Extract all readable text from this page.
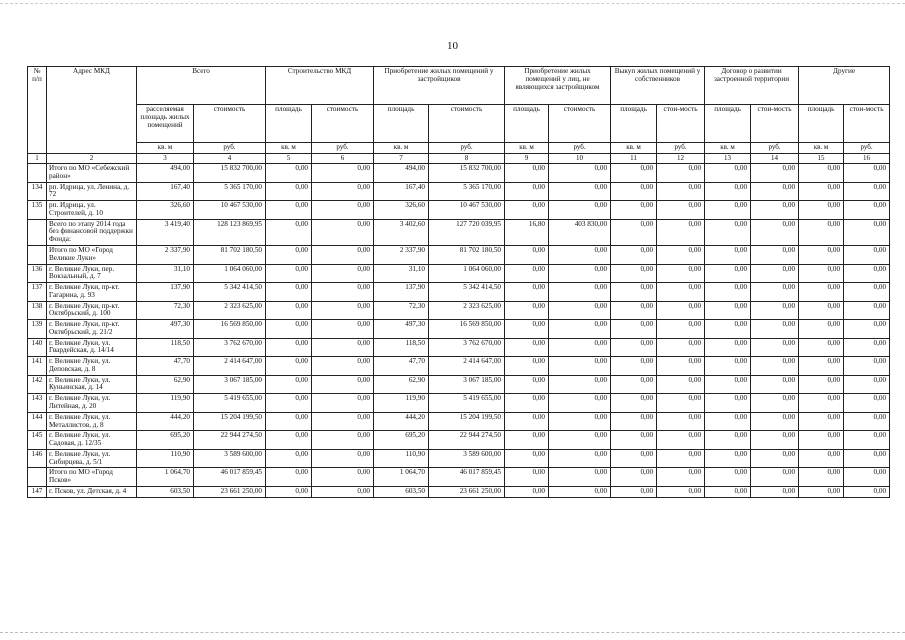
10
№ п/п	Адрес МКД	Всего		Строительство МКД		Приобретение жилых помещений у застройщиков		Приобретение жилых помещений у лиц, не являющихся застройщиком		Выкуп жилых помещений у собственников		Договор о развитии застроенной территории		Другие	
		расселяемая площадь жилых помещений	стоимость	площадь	стоимость	площадь	стоимость	площадь	стоимость	площадь	стои-мость	площадь	стои-мость	площадь	стои-мость
		кв. м	руб.	кв. м	руб.	кв. м	руб.	кв. м	руб.	кв. м	руб.	кв. м	руб.	кв. м	руб.
1	2	3	4	5	6	7	8	9	10	11	12	13	14	15	16
	Итого по МО «Себежский район»	494,00	15 832 700,00	0,00	0,00	494,00	15 832 700,00	0,00	0,00	0,00	0,00	0,00	0,00	0,00	0,00
134	рп. Идрица, ул. Ленина, д. 72	167,40	5 365 170,00	0,00	0,00	167,40	5 365 170,00	0,00	0,00	0,00	0,00	0,00	0,00	0,00	0,00
135	рп. Идрица, ул. Строителей, д. 10	326,60	10 467 530,00	0,00	0,00	326,60	10 467 530,00	0,00	0,00	0,00	0,00	0,00	0,00	0,00	0,00
	Всего по этапу 2014 года без финансовой поддержки Фонда:	3 419,40	128 123 869,95	0,00	0,00	3 402,60	127 720 039,95	16,80	403 830,00	0,00	0,00	0,00	0,00	0,00	0,00
	Итого по МО «Город Великие Луки»	2 337,90	81 702 180,50	0,00	0,00	2 337,90	81 702 180,50	0,00	0,00	0,00	0,00	0,00	0,00	0,00	0,00
136	г. Великие Луки, пер. Вокзальный, д. 7	31,10	1 064 060,00	0,00	0,00	31,10	1 064 060,00	0,00	0,00	0,00	0,00	0,00	0,00	0,00	0,00
137	г. Великие Луки, пр-кт. Гагарина, д. 93	137,90	5 342 414,50	0,00	0,00	137,90	5 342 414,50	0,00	0,00	0,00	0,00	0,00	0,00	0,00	0,00
138	г. Великие Луки, пр-кт. Октябрьский, д. 100	72,30	2 323 625,00	0,00	0,00	72,30	2 323 625,00	0,00	0,00	0,00	0,00	0,00	0,00	0,00	0,00
139	г. Великие Луки, пр-кт. Октябрьский, д. 21/2	497,30	16 569 850,00	0,00	0,00	497,30	16 569 850,00	0,00	0,00	0,00	0,00	0,00	0,00	0,00	0,00
140	г. Великие Луки, ул. Гвардейская, д. 14/14	118,50	3 762 670,00	0,00	0,00	118,50	3 762 670,00	0,00	0,00	0,00	0,00	0,00	0,00	0,00	0,00
141	г. Великие Луки, ул. Деповская, д. 8	47,70	2 414 647,00	0,00	0,00	47,70	2 414 647,00	0,00	0,00	0,00	0,00	0,00	0,00	0,00	0,00
142	г. Великие Луки, ул. Куньинская, д. 14	62,90	3 067 185,00	0,00	0,00	62,90	3 067 185,00	0,00	0,00	0,00	0,00	0,00	0,00	0,00	0,00
143	г. Великие Луки, ул. Литейная, д. 20	119,90	5 419 655,00	0,00	0,00	119,90	5 419 655,00	0,00	0,00	0,00	0,00	0,00	0,00	0,00	0,00
144	г. Великие Луки, ул. Металлистов, д. 8	444,20	15 204 199,50	0,00	0,00	444,20	15 204 199,50	0,00	0,00	0,00	0,00	0,00	0,00	0,00	0,00
145	г. Великие Луки, ул. Садовая, д. 12/35	695,20	22 944 274,50	0,00	0,00	695,20	22 944 274,50	0,00	0,00	0,00	0,00	0,00	0,00	0,00	0,00
146	г. Великие Луки, ул. Сибирцева, д. 5/1	110,90	3 589 600,00	0,00	0,00	110,90	3 589 600,00	0,00	0,00	0,00	0,00	0,00	0,00	0,00	0,00
	Итого по МО «Город Псков»	1 064,70	46 017 859,45	0,00	0,00	1 064,70	46 017 859,45	0,00	0,00	0,00	0,00	0,00	0,00	0,00	0,00
147	г. Псков, ул. Детская, д. 4	603,50	23 661 250,00	0,00	0,00	603,50	23 661 250,00	0,00	0,00	0,00	0,00	0,00	0,00	0,00	0,00
